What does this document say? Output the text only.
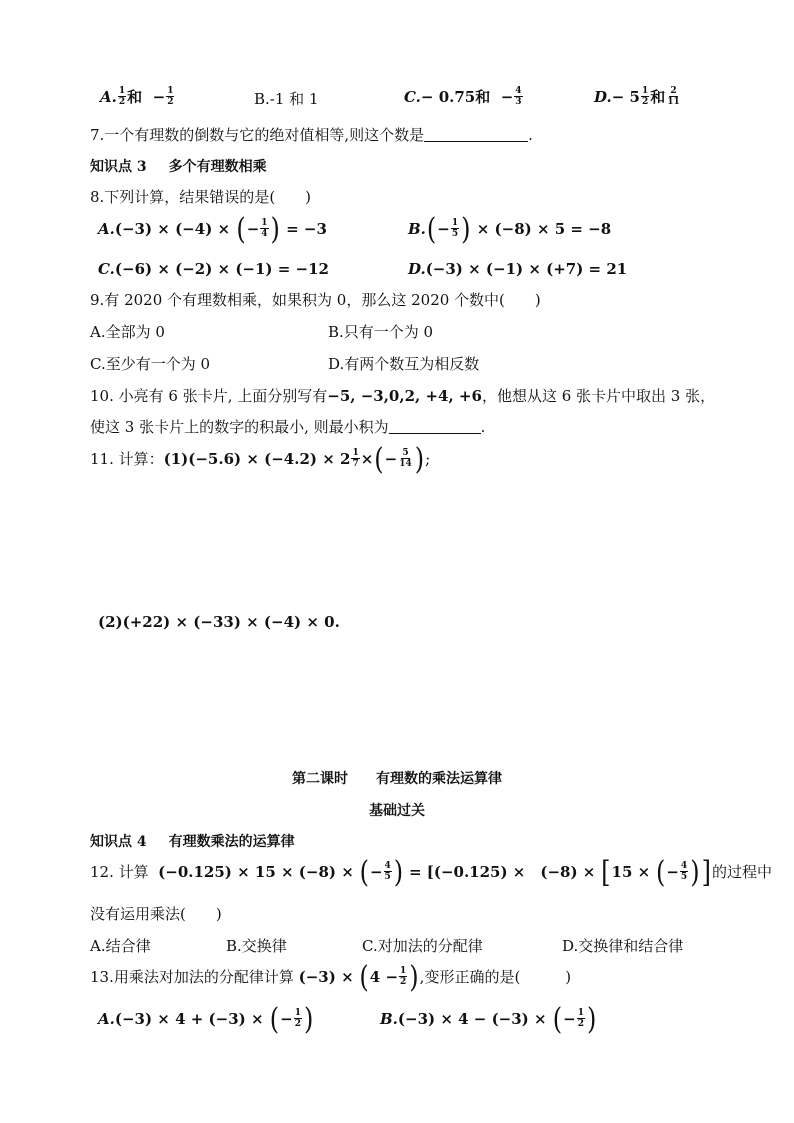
A. $\frac{1}{2}$ 和
− $\frac{1}{2}$	B.-1 和 1	C. − 0.75和
− $\frac{4}{3}$	D. − $5 \frac{1}{2}$ 和 $\frac{2}{11}$
7.一个有理数的倒数与它的绝对值相等,则这个数是	.
知识点 3 多个有理数相乘
8.下列计算，结果错误的是(　　)
A. (−3) × (−4) ×
( − $\frac{1}{4}$ )
= −3	B. ( − $\frac{1}{5}$ )
× (−8) × 5 = −8
C. (−6) × (−2) × (−1) = −12	D. (−3) × (−1) × (+7) = 21
9.有 2020 个有理数相乘，如果积为 0，那么这 2020 个数中(　　)
A.全部为 0	B.只有一个为 0
C.至少有一个为 0	D.有两个数互为相反数
10. 小亮有 6 张卡片, 上面分别写有 −5, −3,0,2, +4, +6 ，他想从这 6 张卡片中取出 3 张，
使这 3 张卡片上的数字的积最小, 则最小积为	.
11. 计算： $(1)(-5.6) \times (-4.2) \times 2 \frac{1}{7}$ × ( − $\frac{5}{14}$ ) ;
(2)(+22) × (−33) × (−4) × 0.
第二课时　　有理数的乘法运算律
基础过关
知识点 4 有理数乘法的运算律
12. 计算
(−0.125) × 15 × (−8) ×
( − $\frac{4}{5}$ )
= [(−0.125) ×　(−8) ×
[ 15 ×
( − $\frac{4}{5}$ ) ] 的过程中
没有运用乘法(　　)
A.结合律	B.交换律	C.对加法的分配律	D.交换律和结合律
13.用乘法对加法的分配律计算
(−3) ×
( $4 - \frac{1}{2}$ ) ,变形正确的是(　　　)
A. (−3) × 4 + (−3) ×
( − $\frac{1}{2}$ )	B. (−3) × 4 − (−3) ×
( − $\frac{1}{2}$ )
